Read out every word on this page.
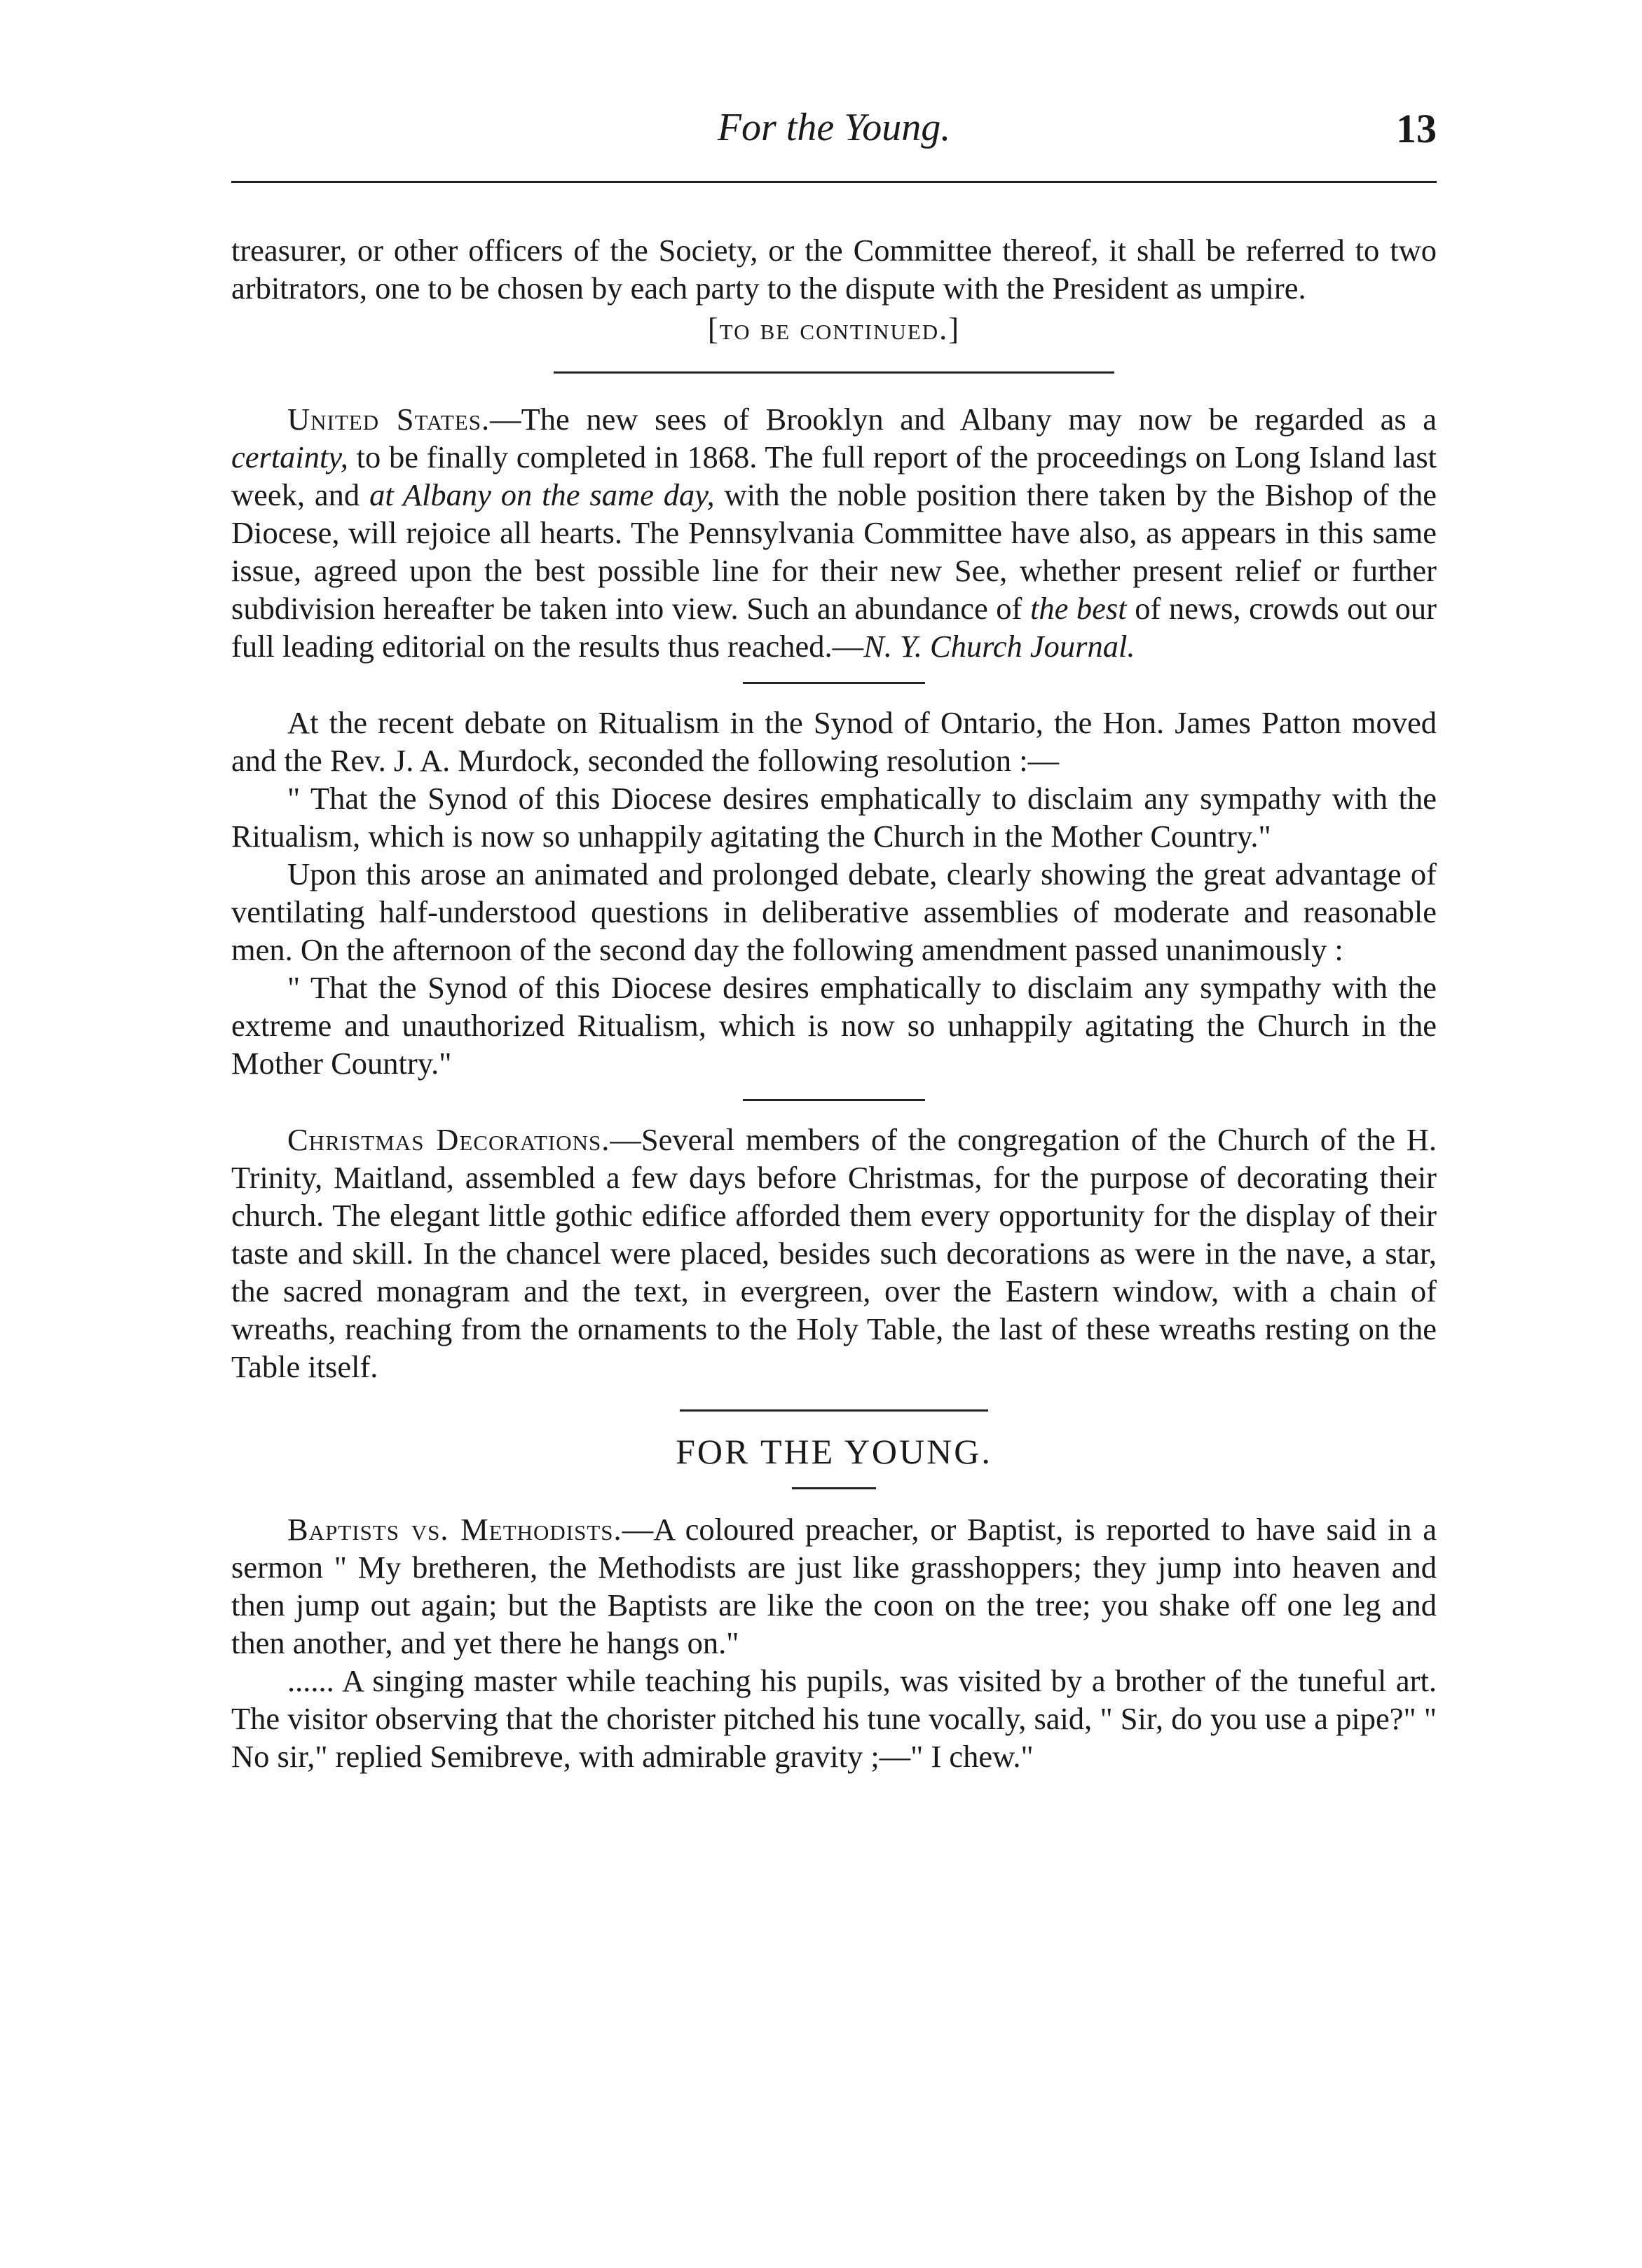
For the Young.	13

treasurer, or other officers of the Society, or the Committee thereof, it shall be referred to two arbitrators, one to be chosen by each party to the dispute with the President as umpire.

[to be continued.]

United States.—The new sees of Brooklyn and Albany may now be regarded as a certainty, to be finally completed in 1868. The full report of the proceedings on Long Island last week, and at Albany on the same day, with the noble position there taken by the Bishop of the Diocese, will rejoice all hearts. The Pennsylvania Committee have also, as appears in this same issue, agreed upon the best possible line for their new See, whether present relief or further subdivision hereafter be taken into view. Such an abundance of the best of news, crowds out our full leading editorial on the results thus reached.—N. Y. Church Journal.

At the recent debate on Ritualism in the Synod of Ontario, the Hon. James Patton moved and the Rev. J. A. Murdock, seconded the following resolution :—

" That the Synod of this Diocese desires emphatically to disclaim any sympathy with the Ritualism, which is now so unhappily agitating the Church in the Mother Country."

Upon this arose an animated and prolonged debate, clearly showing the great advantage of ventilating half-understood questions in deliberative assemblies of moderate and reasonable men. On the afternoon of the second day the following amendment passed unanimously :

" That the Synod of this Diocese desires emphatically to disclaim any sympathy with the extreme and unauthorized Ritualism, which is now so unhappily agitating the Church in the Mother Country."

Christmas Decorations.—Several members of the congregation of the Church of the H. Trinity, Maitland, assembled a few days before Christmas, for the purpose of decorating their church. The elegant little gothic edifice afforded them every opportunity for the display of their taste and skill. In the chancel were placed, besides such decorations as were in the nave, a star, the sacred monagram and the text, in evergreen, over the Eastern window, with a chain of wreaths, reaching from the ornaments to the Holy Table, the last of these wreaths resting on the Table itself.

FOR THE YOUNG.

Baptists vs. Methodists.—A coloured preacher, or Baptist, is reported to have said in a sermon " My bretheren, the Methodists are just like grasshoppers; they jump into heaven and then jump out again; but the Baptists are like the coon on the tree; you shake off one leg and then another, and yet there he hangs on."

...... A singing master while teaching his pupils, was visited by a brother of the tuneful art. The visitor observing that the chorister pitched his tune vocally, said, " Sir, do you use a pipe?" " No sir," replied Semibreve, with admirable gravity ;—" I chew."
